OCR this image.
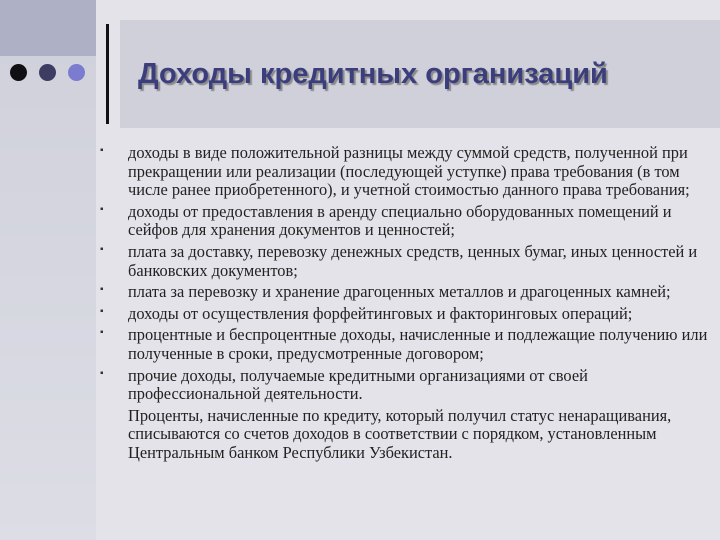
Доходы кредитных организаций
▪	доходы в виде положительной разницы между суммой средств, полученной при прекращении или реализации (последующей уступке) права требования (в том числе ранее приобретенного), и учетной стоимостью данного права требования;
▪	доходы от предоставления в аренду специально оборудованных помещений и сейфов для хранения документов и ценностей;
▪	плата за доставку, перевозку денежных средств, ценных бумаг, иных ценностей и банковских документов;
▪	плата за перевозку и хранение драгоценных металлов и драгоценных камней;
▪	доходы от осуществления форфейтинговых и факторинговых операций;
▪	процентные и беспроцентные доходы, начисленные и подлежащие получению или полученные в сроки, предусмотренные договором;
▪	прочие доходы, получаемые кредитными организациями от своей профессиональной деятельности.
Проценты, начисленные по кредиту, который получил статус ненаращивания, списываются со счетов доходов в соответствии с порядком, установленным Центральным банком Республики Узбекистан.
